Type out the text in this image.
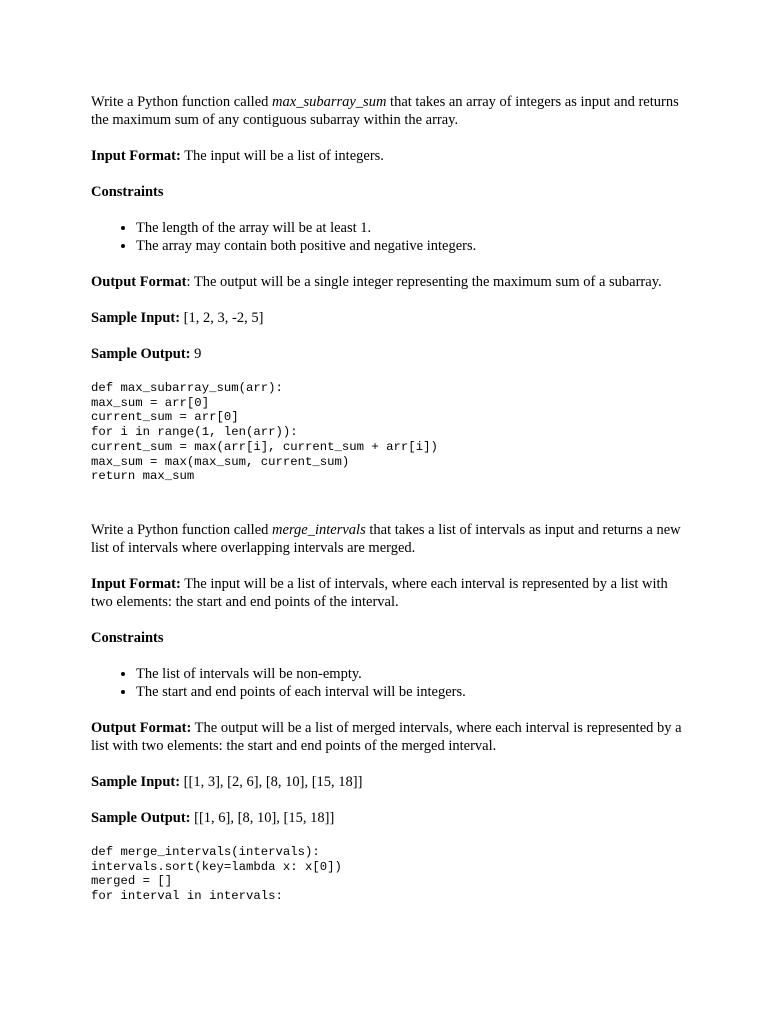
Write a Python function called max_subarray_sum that takes an array of integers as input and returns the maximum sum of any contiguous subarray within the array.

Input Format: The input will be a list of integers.

Constraints

• The length of the array will be at least 1.
• The array may contain both positive and negative integers.

Output Format: The output will be a single integer representing the maximum sum of a subarray.

Sample Input: [1, 2, 3, -2, 5]

Sample Output: 9

def max_subarray_sum(arr):
max_sum = arr[0]
current_sum = arr[0]
for i in range(1, len(arr)):
current_sum = max(arr[i], current_sum + arr[i])
max_sum = max(max_sum, current_sum)
return max_sum

Write a Python function called merge_intervals that takes a list of intervals as input and returns a new list of intervals where overlapping intervals are merged.

Input Format: The input will be a list of intervals, where each interval is represented by a list with two elements: the start and end points of the interval.

Constraints

• The list of intervals will be non-empty.
• The start and end points of each interval will be integers.

Output Format: The output will be a list of merged intervals, where each interval is represented by a list with two elements: the start and end points of the merged interval.

Sample Input: [[1, 3], [2, 6], [8, 10], [15, 18]]

Sample Output: [[1, 6], [8, 10], [15, 18]]

def merge_intervals(intervals):
intervals.sort(key=lambda x: x[0])
merged = []
for interval in intervals:
